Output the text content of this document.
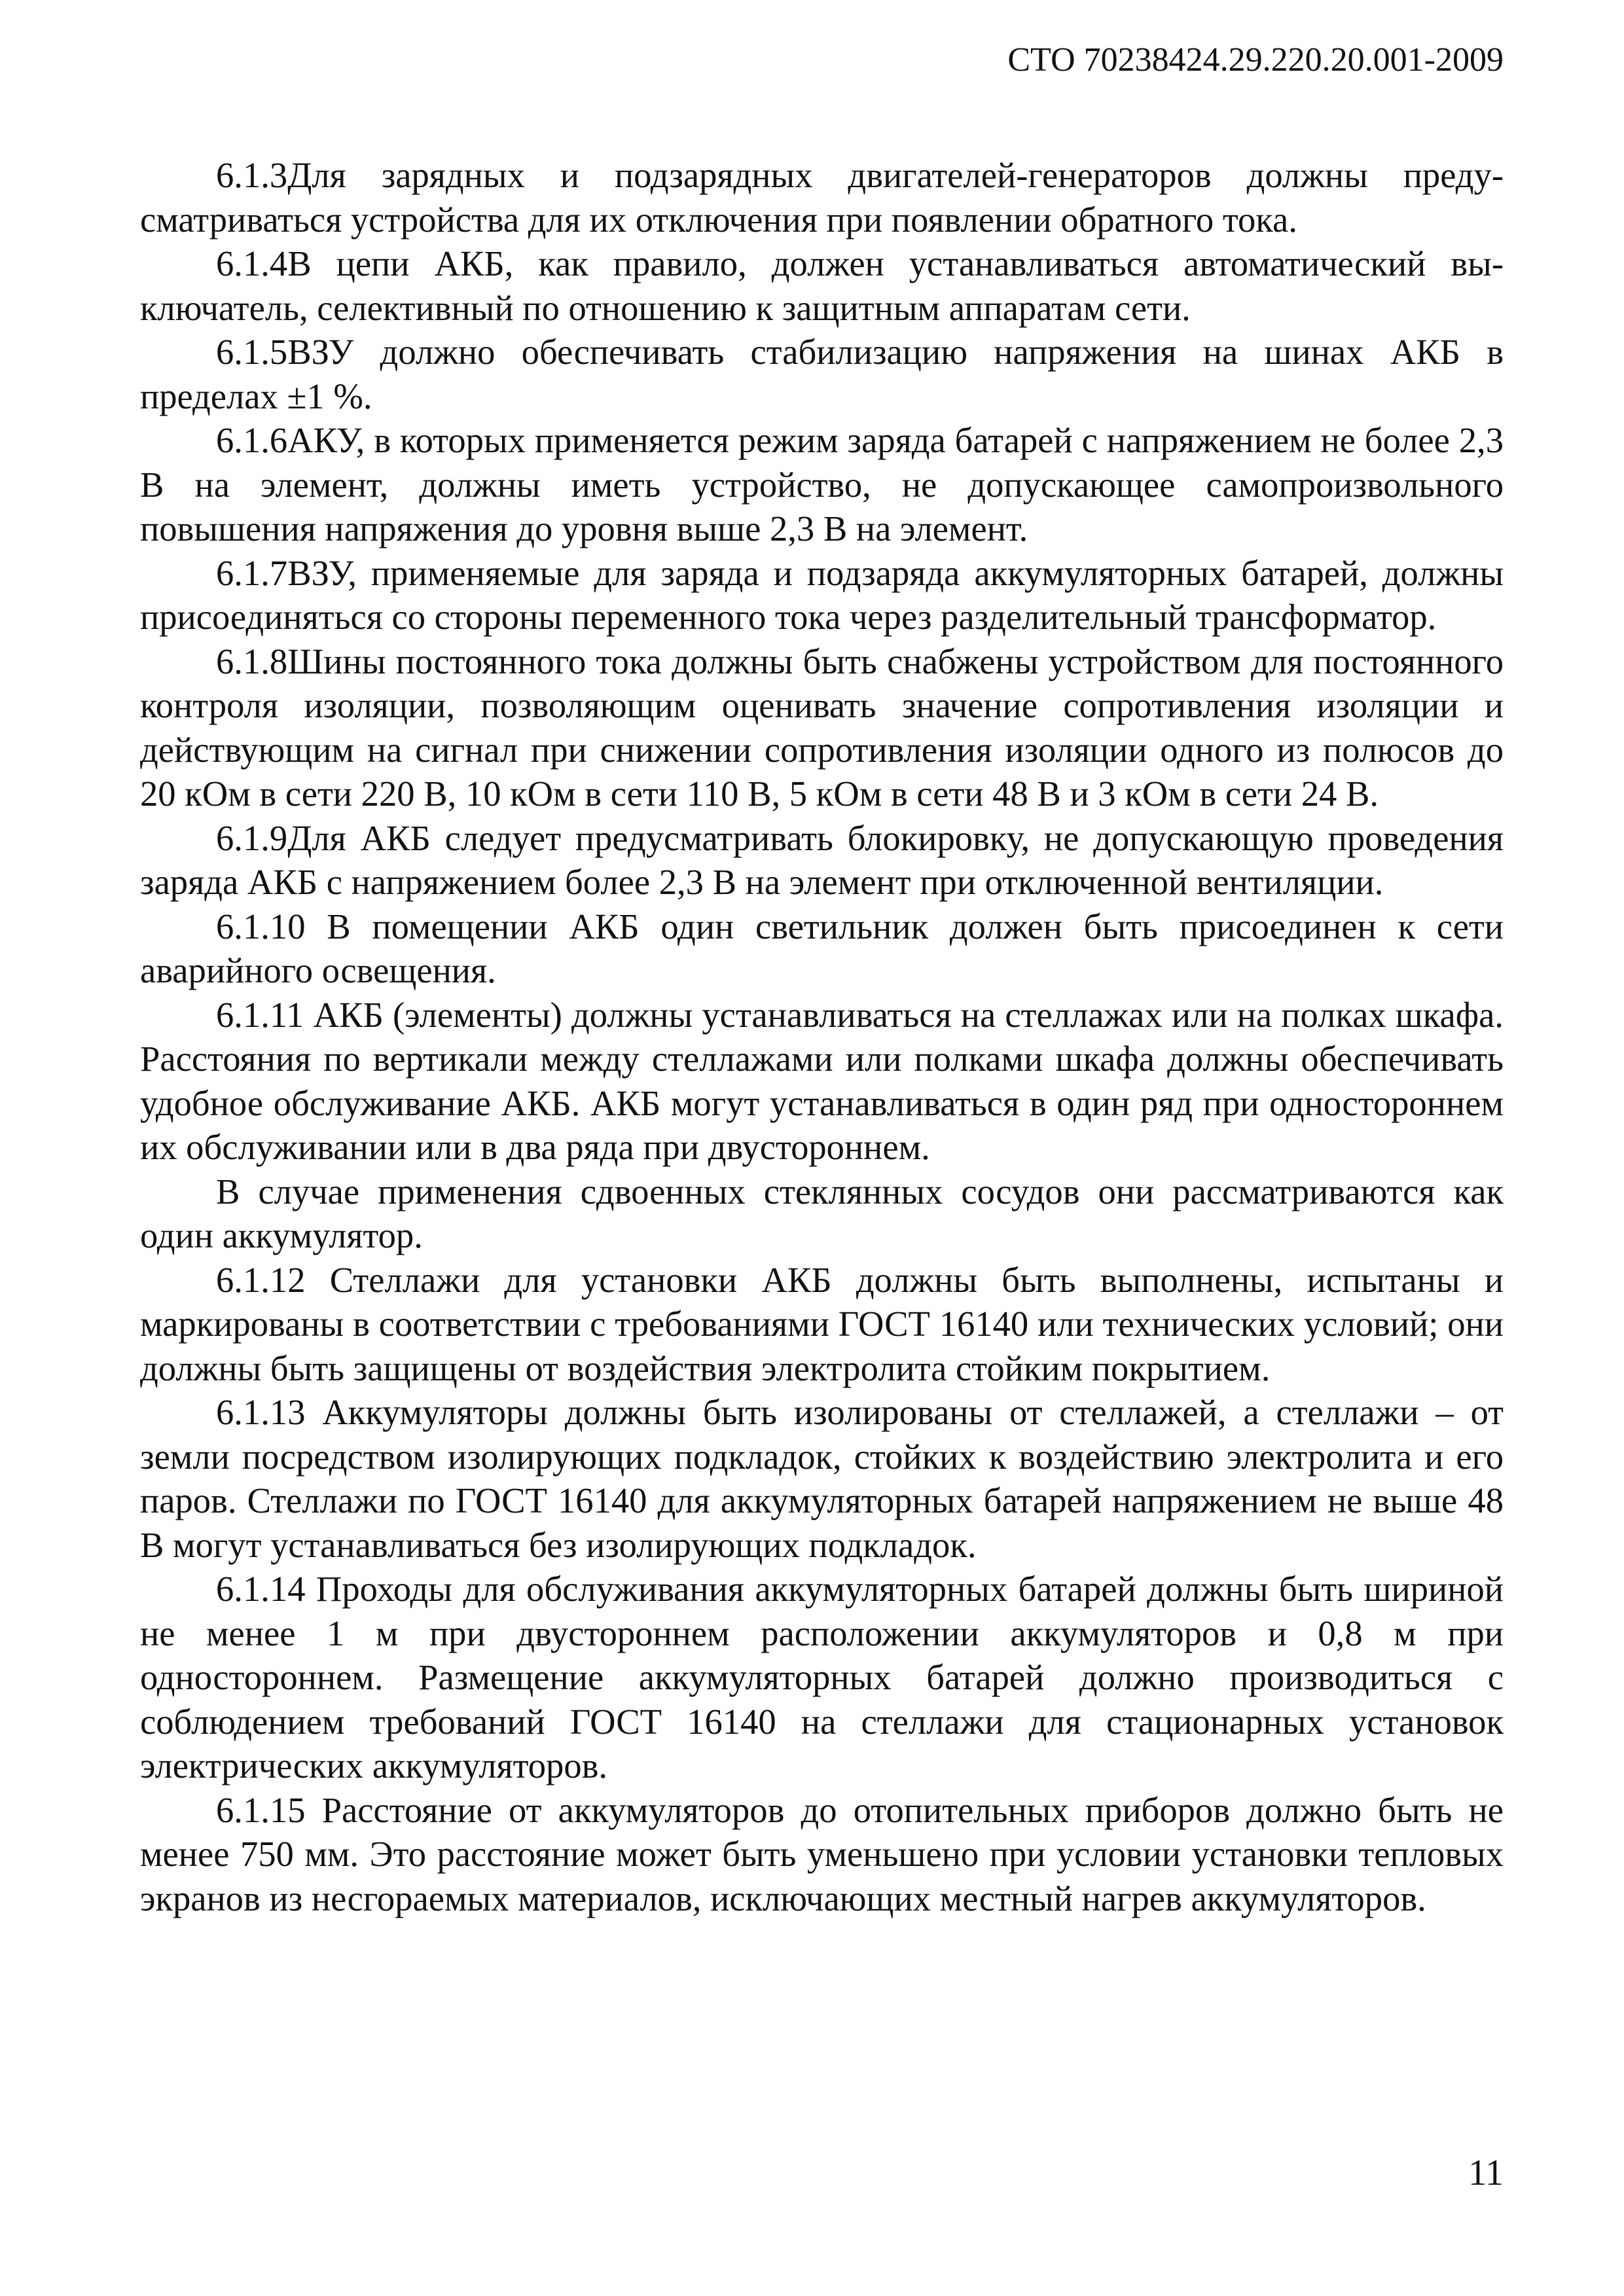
СТО 70238424.29.220.20.001-2009

6.1.3Для зарядных и подзарядных двигателей-генераторов должны предусматриваться устройства для их отключения при появлении обратного тока.

6.1.4В цепи АКБ, как правило, должен устанавливаться автоматический выключатель, селективный по отношению к защитным аппаратам сети.

6.1.5ВЗУ должно обеспечивать стабилизацию напряжения на шинах АКБ в пределах ±1 %.

6.1.6АКУ, в которых применяется режим заряда батарей с напряжением не более 2,3 В на элемент, должны иметь устройство, не допускающее самопроизвольного повышения напряжения до уровня выше 2,3 В на элемент.

6.1.7ВЗУ, применяемые для заряда и подзаряда аккумуляторных батарей, должны присоединяться со стороны переменного тока через разделительный трансформатор.

6.1.8Шины постоянного тока должны быть снабжены устройством для постоянного контроля изоляции, позволяющим оценивать значение сопротивления изоляции и действующим на сигнал при снижении сопротивления изоляции одного из полюсов до 20 кОм в сети 220 В, 10 кОм в сети 110 В, 5 кОм в сети 48 В и 3 кОм в сети 24 В.

6.1.9Для АКБ следует предусматривать блокировку, не допускающую проведения заряда АКБ с напряжением более 2,3 В на элемент при отключенной вентиляции.

6.1.10 В помещении АКБ один светильник должен быть присоединен к сети аварийного освещения.

6.1.11 АКБ (элементы) должны устанавливаться на стеллажах или на полках шкафа. Расстояния по вертикали между стеллажами или полками шкафа должны обеспечивать удобное обслуживание АКБ. АКБ могут устанавливаться в один ряд при одностороннем их обслуживании или в два ряда при двустороннем.

В случае применения сдвоенных стеклянных сосудов они рассматриваются как один аккумулятор.

6.1.12 Стеллажи для установки АКБ должны быть выполнены, испытаны и маркированы в соответствии с требованиями ГОСТ 16140 или технических условий; они должны быть защищены от воздействия электролита стойким покрытием.

6.1.13 Аккумуляторы должны быть изолированы от стеллажей, а стеллажи – от земли посредством изолирующих подкладок, стойких к воздействию электролита и его паров. Стеллажи по ГОСТ 16140 для аккумуляторных батарей напряжением не выше 48 В могут устанавливаться без изолирующих подкладок.

6.1.14 Проходы для обслуживания аккумуляторных батарей должны быть шириной не менее 1 м при двустороннем расположении аккумуляторов и 0,8 м при одностороннем. Размещение аккумуляторных батарей должно производиться с соблюдением требований ГОСТ 16140 на стеллажи для стационарных установок электрических аккумуляторов.

6.1.15 Расстояние от аккумуляторов до отопительных приборов должно быть не менее 750 мм. Это расстояние может быть уменьшено при условии установки тепловых экранов из несгораемых материалов, исключающих местный нагрев аккумуляторов.

11
